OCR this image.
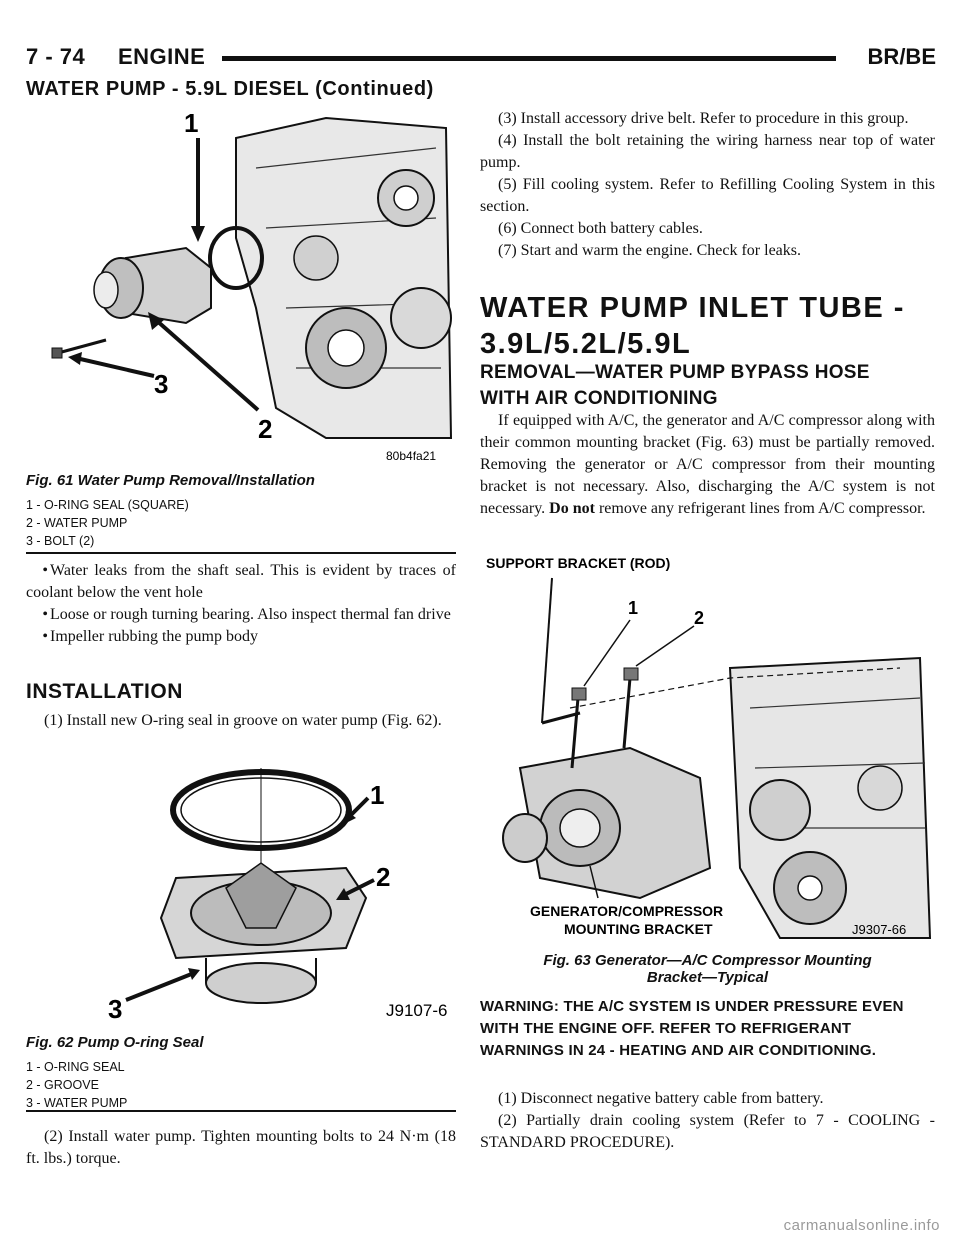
7 - 74 ENGINE	BR/BE
WATER PUMP - 5.9L DIESEL (Continued)
1
2
3
80b4fa21
Fig. 61 Water Pump Removal/Installation
1 - O-RING SEAL (SQUARE)
2 - WATER PUMP
3 - BOLT (2)

• Water leaks from the shaft seal. This is evident by traces of coolant below the vent hole

• Loose or rough turning bearing. Also inspect thermal fan drive

• Impeller rubbing the pump body

INSTALLATION

(1) Install new O-ring seal in groove on water pump (Fig. 62).

1
2
3	J9107-6
Fig. 62 Pump O-ring Seal
1 - O-RING SEAL
2 - GROOVE
3 - WATER PUMP

(2) Install water pump. Tighten mounting bolts to 24 N·m (18 ft. lbs.) torque.

(3) Install accessory drive belt. Refer to procedure in this group.

(4) Install the bolt retaining the wiring harness near top of water pump.

(5) Fill cooling system. Refer to Refilling Cooling System in this section.

(6) Connect both battery cables.

(7) Start and warm the engine. Check for leaks.

WATER PUMP INLET TUBE -
3.9L/5.2L/5.9L
REMOVAL—WATER PUMP BYPASS HOSE
WITH AIR CONDITIONING

If equipped with A/C, the generator and A/C compressor along with their common mounting bracket (Fig. 63) must be partially removed. Removing the generator or A/C compressor from their mounting bracket is not necessary. Also, discharging the A/C system is not necessary. Do not remove any refrigerant lines from A/C compressor.

SUPPORT BRACKET (ROD)
1	2
GENERATOR/COMPRESSOR
MOUNTING BRACKET	J9307-66
Fig. 63 Generator—A/C Compressor Mounting
Bracket—Typical
WARNING: THE A/C SYSTEM IS UNDER PRESSURE EVEN WITH THE ENGINE OFF. REFER TO REFRIGERANT WARNINGS IN 24 - HEATING AND AIR CONDITIONING.

(1) Disconnect negative battery cable from battery.

(2) Partially drain cooling system (Refer to 7 - COOLING - STANDARD PROCEDURE).

carmanualsonline.info
